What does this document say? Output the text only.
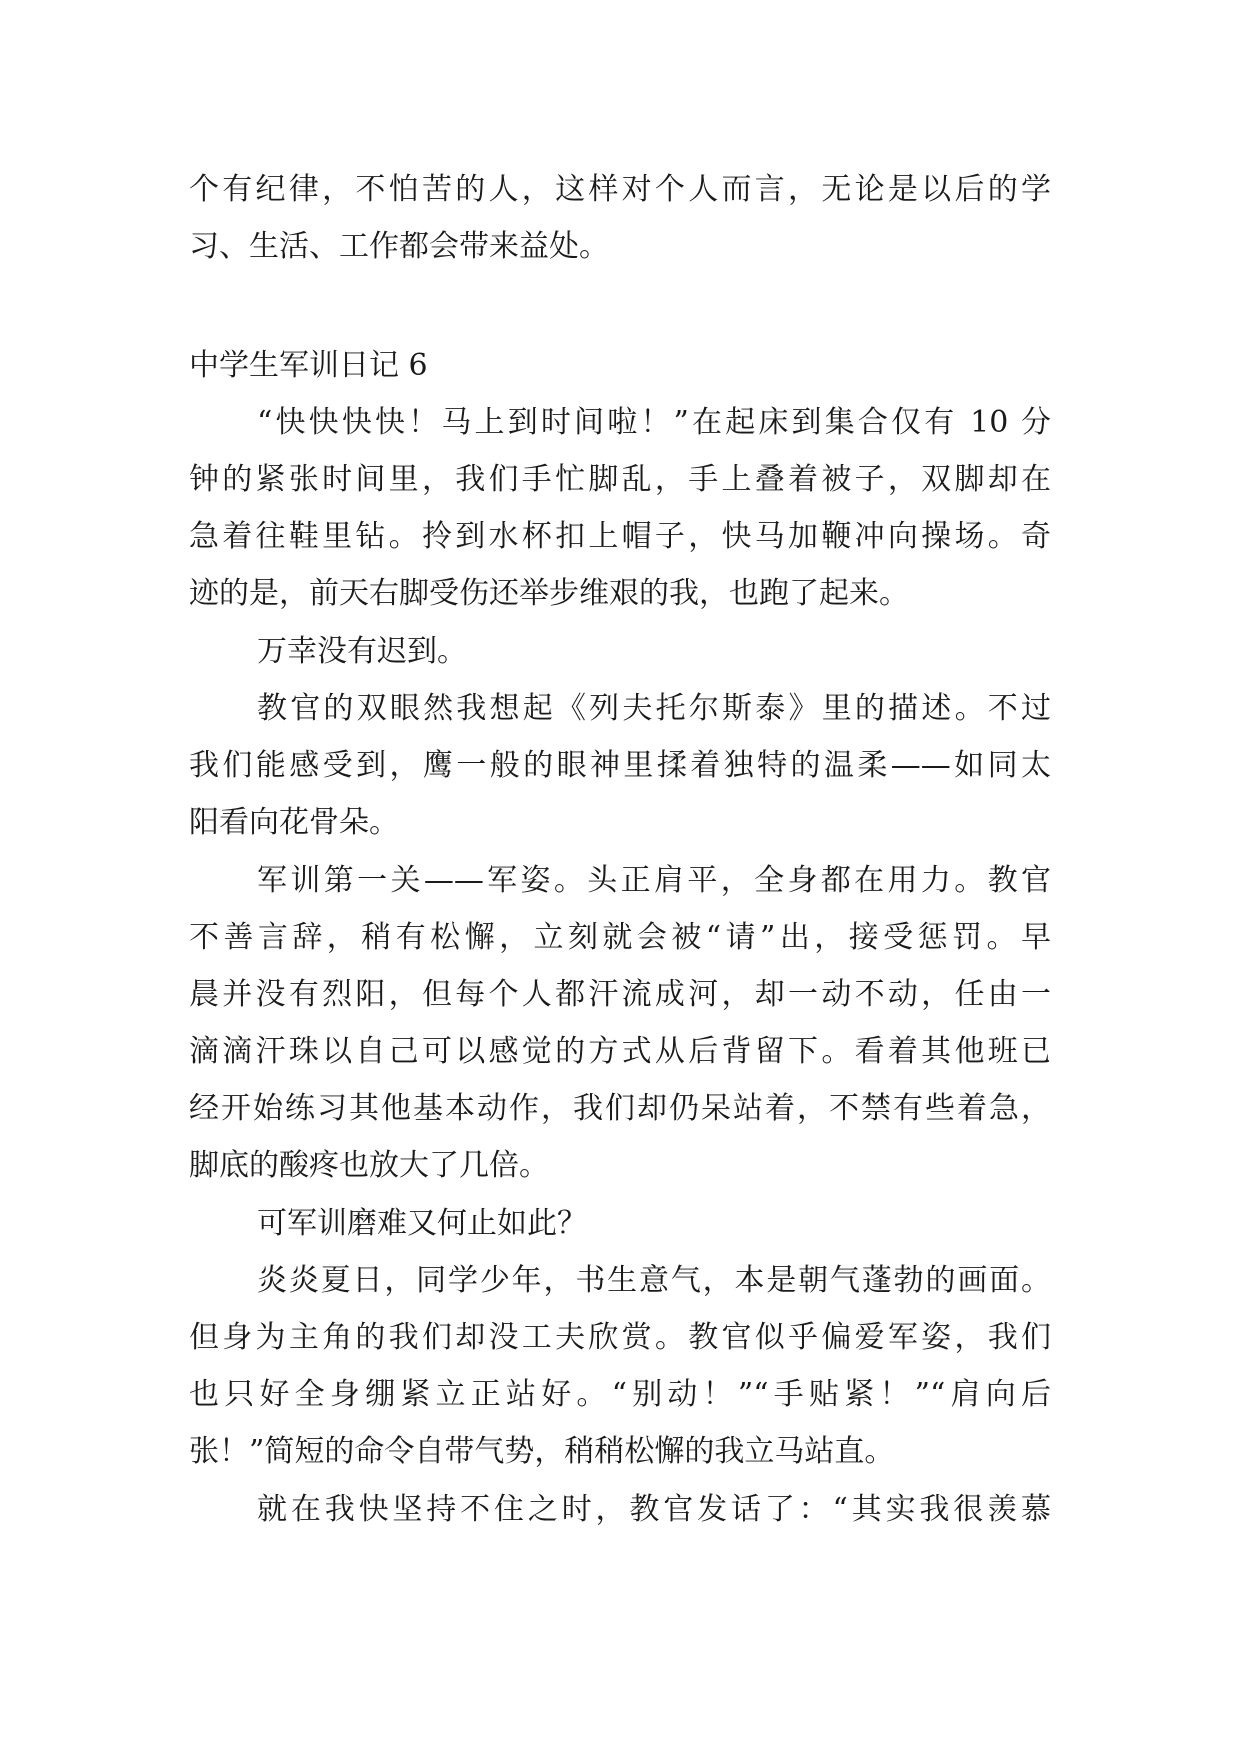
个有纪律，不怕苦的人，这样对个人而言，无论是以后的学
习、生活、工作都会带来益处。
中学生军训日记 6
“快快快快！马上到时间啦！”在起床到集合仅有 10 分
钟的紧张时间里，我们手忙脚乱，手上叠着被子，双脚却在
急着往鞋里钻。拎到水杯扣上帽子，快马加鞭冲向操场。奇
迹的是，前天右脚受伤还举步维艰的我，也跑了起来。
万幸没有迟到。
教官的双眼然我想起《列夫托尔斯泰》里的描述。不过
我们能感受到，鹰一般的眼神里揉着独特的温柔——如同太
阳看向花骨朵。
军训第一关——军姿。头正肩平，全身都在用力。教官
不善言辞，稍有松懈，立刻就会被“请”出，接受惩罚。早
晨并没有烈阳，但每个人都汗流成河，却一动不动，任由一
滴滴汗珠以自己可以感觉的方式从后背留下。看着其他班已
经开始练习其他基本动作，我们却仍呆站着，不禁有些着急，
脚底的酸疼也放大了几倍。
可军训磨难又何止如此？
炎炎夏日，同学少年，书生意气，本是朝气蓬勃的画面。
但身为主角的我们却没工夫欣赏。教官似乎偏爱军姿，我们
也只好全身绷紧立正站好。“别动！”“手贴紧！”“肩向后
张！”简短的命令自带气势，稍稍松懈的我立马站直。
就在我快坚持不住之时，教官发话了：“其实我很羡慕
